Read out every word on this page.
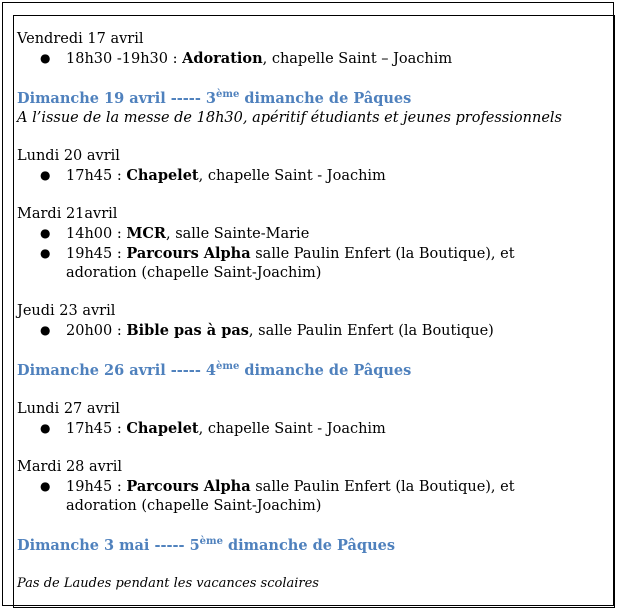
Vendredi 17 avril
● 18h30 -19h30 : Adoration, chapelle Saint – Joachim
Dimanche 19 avril ----- 3ème dimanche de Pâques
A l’issue de la messe de 18h30, apéritif étudiants et jeunes professionnels
Lundi 20 avril
● 17h45 : Chapelet, chapelle Saint - Joachim
Mardi 21avril
● 14h00 : MCR, salle Sainte-Marie
● 19h45 : Parcours Alpha salle Paulin Enfert (la Boutique), et adoration (chapelle Saint-Joachim)
Jeudi 23 avril
● 20h00 : Bible pas à pas, salle Paulin Enfert (la Boutique)
Dimanche 26 avril ----- 4ème dimanche de Pâques
Lundi 27 avril
● 17h45 : Chapelet, chapelle Saint - Joachim
Mardi 28 avril
● 19h45 : Parcours Alpha salle Paulin Enfert (la Boutique), et adoration (chapelle Saint-Joachim)
Dimanche 3 mai ----- 5ème dimanche de Pâques
Pas de Laudes pendant les vacances scolaires
